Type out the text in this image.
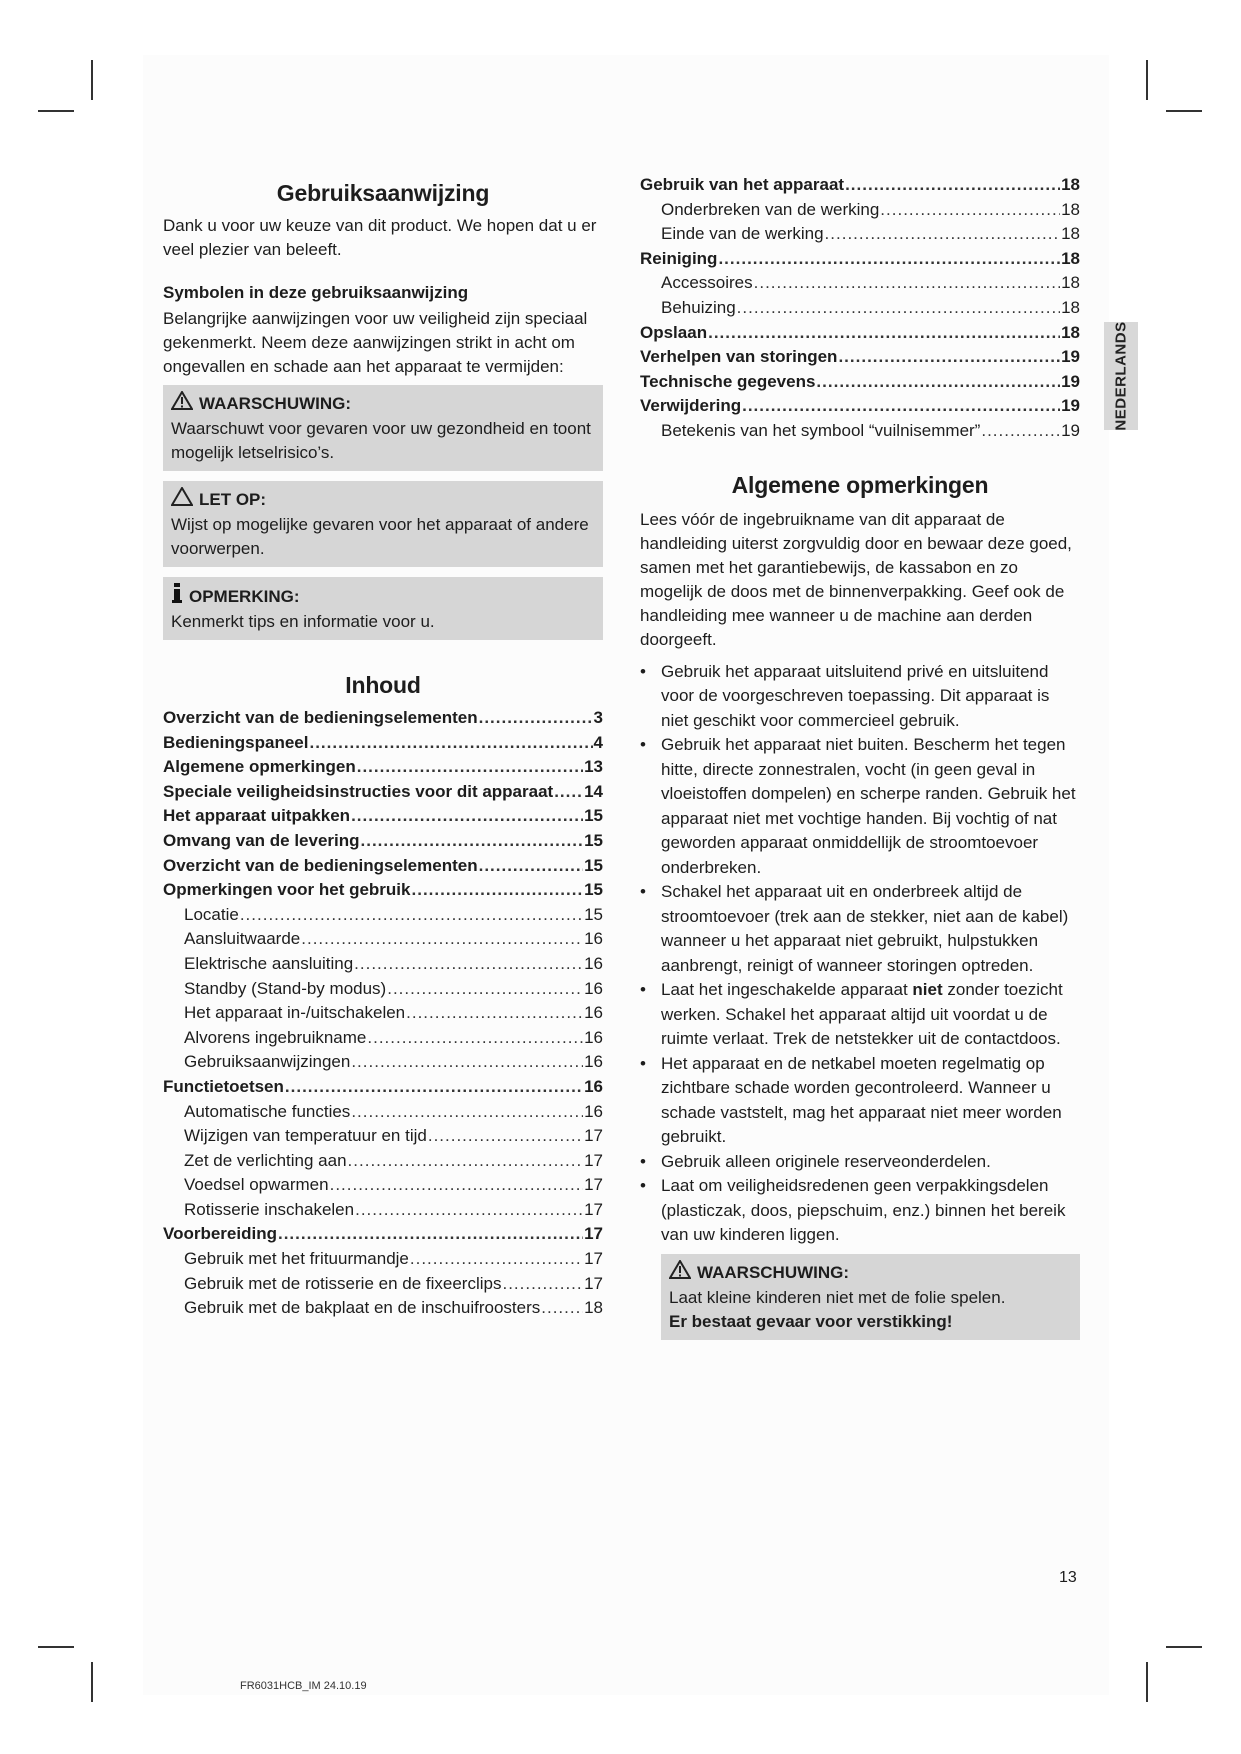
Gebruiksaanwijzing

Dank u voor uw keuze van dit product. We hopen dat u er veel plezier van beleeft.

Symbolen in deze gebruiksaanwijzing

Belangrijke aanwijzingen voor uw veiligheid zijn speciaal gekenmerkt. Neem deze aanwijzingen strikt in acht om ongevallen en schade aan het apparaat te vermijden:

WAARSCHUWING:
Waarschuwt voor gevaren voor uw gezondheid en toont mogelijk letselrisico’s.
LET OP:
Wijst op mogelijke gevaren voor het apparaat of andere voorwerpen.
OPMERKING:
Kenmerkt tips en informatie voor u.
Inhoud
Overzicht van de bedieningselementen .....	3
Bedieningspaneel .....	4
Algemene opmerkingen .....	13
Speciale veiligheidsinstructies voor dit apparaat ..... 14
Het apparaat uitpakken .....	15
Omvang van de levering .....	15
Overzicht van de bedieningselementen .....	15
Opmerkingen voor het gebruik .....	15
Locatie .....	15
Aansluitwaarde .....	16
Elektrische aansluiting .....	16
Standby (Stand-by modus) .....	16
Het apparaat in-/uitschakelen .....	16
Alvorens ingebruikname .....	16
Gebruiksaanwijzingen .....	16
Functietoetsen .....	16
Automatische functies .....	16
Wijzigen van temperatuur en tijd .....	17
Zet de verlichting aan .....	17
Voedsel opwarmen .....	17
Rotisserie inschakelen .....	17
Voorbereiding .....	17
Gebruik met het frituurmandje .....	17
Gebruik met de rotisserie en de fixeerclips .....	17
Gebruik met de bakplaat en de inschuifroosters .....	18
Gebruik van het apparaat .....	18
Onderbreken van de werking .....	18
Einde van de werking .....	18
Reiniging .....	18
Accessoires .....	18
Behuizing .....	18
Opslaan .....	18
Verhelpen van storingen .....	19
Technische gegevens .....	19
Verwijdering .....	19
Betekenis van het symbool “vuilnisemmer” .....	19
Algemene opmerkingen

Lees vóór de ingebruikname van dit apparaat de handleiding uiterst zorgvuldig door en bewaar deze goed, samen met het garantiebewijs, de kassabon en zo mogelijk de doos met de binnenverpakking. Geef ook de handleiding mee wanneer u de machine aan derden doorgeeft.

• Gebruik het apparaat uitsluitend privé en uitsluitend voor de voorgeschreven toepassing. Dit apparaat is niet geschikt voor commercieel gebruik.
• Gebruik het apparaat niet buiten. Bescherm het tegen hitte, directe zonnestralen, vocht (in geen geval in vloeistoffen dompelen) en scherpe randen. Gebruik het apparaat niet met vochtige handen. Bij vochtig of nat geworden apparaat onmiddellijk de stroomtoevoer onderbreken.
• Schakel het apparaat uit en onderbreek altijd de stroomtoevoer (trek aan de stekker, niet aan de kabel) wanneer u het apparaat niet gebruikt, hulpstukken aanbrengt, reinigt of wanneer storingen optreden.
• Laat het ingeschakelde apparaat niet zonder toezicht werken. Schakel het apparaat altijd uit voordat u de ruimte verlaat. Trek de netstekker uit de contactdoos.
• Het apparaat en de netkabel moeten regelmatig op zichtbare schade worden gecontroleerd. Wanneer u schade vaststelt, mag het apparaat niet meer worden gebruikt.
• Gebruik alleen originele reserveonderdelen.
• Laat om veiligheidsredenen geen verpakkingsdelen (plasticzak, doos, piepschuim, enz.) binnen het bereik van uw kinderen liggen.
WAARSCHUWING:
Laat kleine kinderen niet met de folie spelen.
Er bestaat gevaar voor verstikking!
NEDERLANDS
13
FR6031HCB_IM 24.10.19
